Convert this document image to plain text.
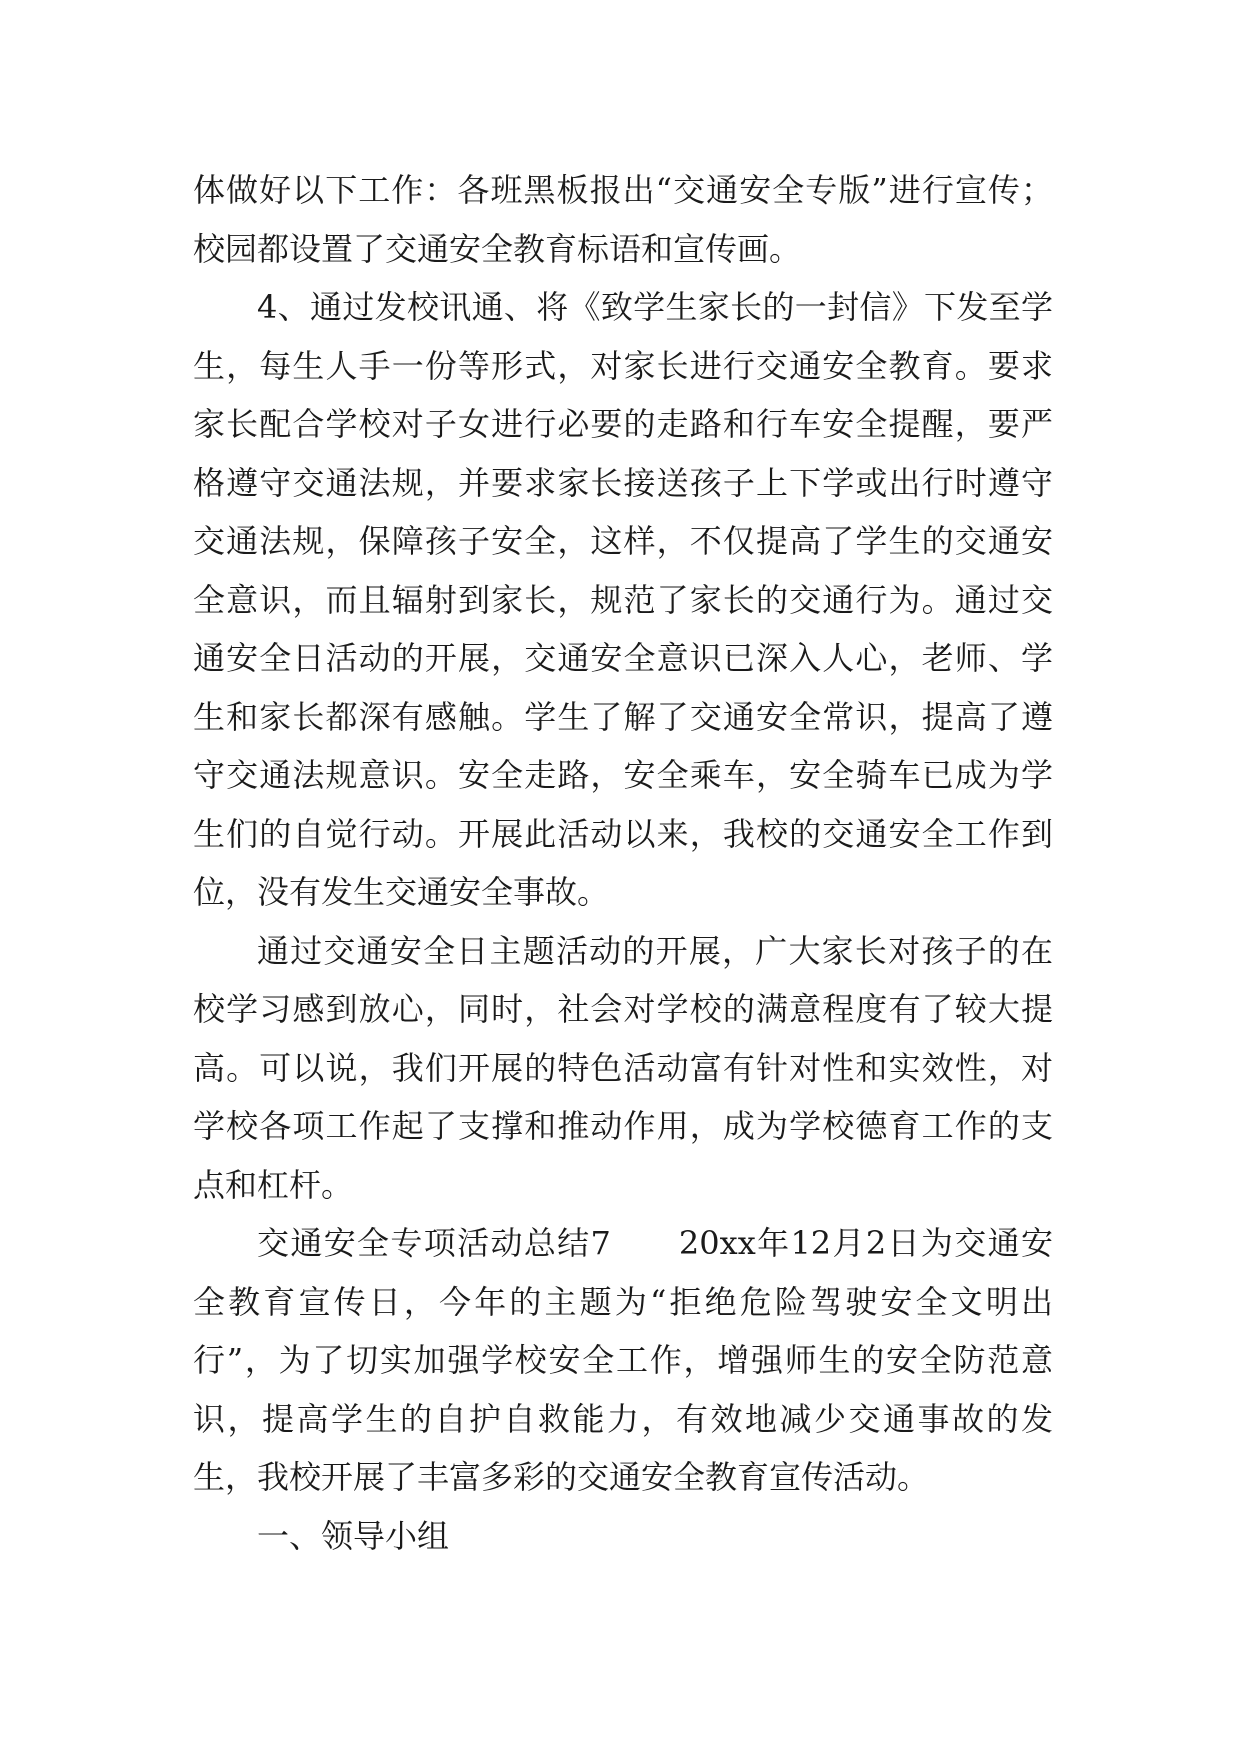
体做好以下工作：各班黑板报出“交通安全专版”进行宣传；校园都设置了交通安全教育标语和宣传画。

4、通过发校讯通、将《致学生家长的一封信》下发至学生，每生人手一份等形式，对家长进行交通安全教育。要求家长配合学校对子女进行必要的走路和行车安全提醒，要严格遵守交通法规，并要求家长接送孩子上下学或出行时遵守交通法规，保障孩子安全，这样，不仅提高了学生的交通安全意识，而且辐射到家长，规范了家长的交通行为。通过交通安全日活动的开展，交通安全意识已深入人心，老师、学生和家长都深有感触。学生了解了交通安全常识，提高了遵守交通法规意识。安全走路，安全乘车，安全骑车已成为学生们的自觉行动。开展此活动以来，我校的交通安全工作到位，没有发生交通安全事故。

通过交通安全日主题活动的开展，广大家长对孩子的在校学习感到放心，同时，社会对学校的满意程度有了较大提高。可以说，我们开展的特色活动富有针对性和实效性，对学校各项工作起了支撑和推动作用，成为学校德育工作的支点和杠杆。

交通安全专项活动总结7　　20xx年12月2日为交通安全教育宣传日，今年的主题为“拒绝危险驾驶安全文明出行”，为了切实加强学校安全工作，增强师生的安全防范意识，提高学生的自护自救能力，有效地减少交通事故的发生，我校开展了丰富多彩的交通安全教育宣传活动。

一、领导小组
